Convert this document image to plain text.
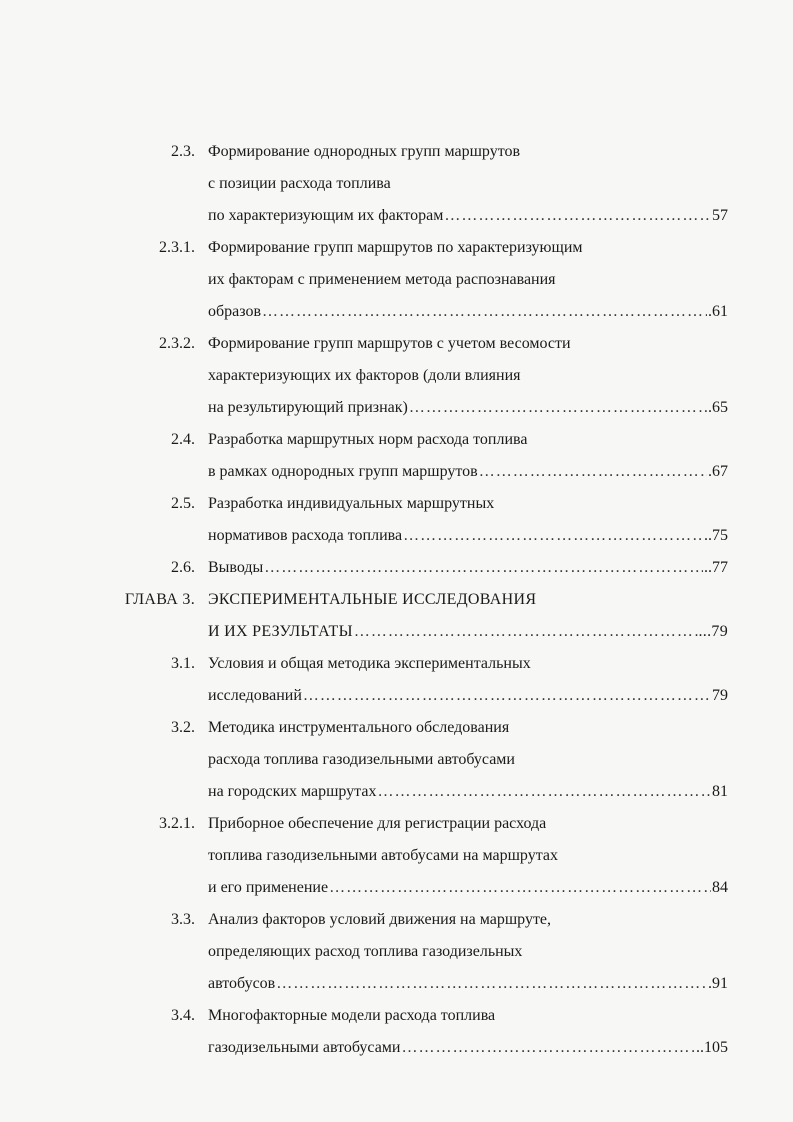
2.3. Формирование однородных групп маршрутов
с позиции расхода топлива
по характеризующим их факторам ……………………………………………………………………………………………………………………………………………………	57
2.3.1. Формирование групп маршрутов по характеризующим
их факторам с применением метода распознавания
образов ……………………………………………………………………………………………………………………………………………………	.61
2.3.2. Формирование групп маршрутов с учетом весомости
характеризующих их факторов (доли влияния
на результирующий признак) ……………………………………………………………………………………………………………………………………………………	.65
2.4. Разработка маршрутных норм расхода топлива
в рамках однородных групп маршрутов ……………………………………………………………………………………………………………………………………………………	.67
2.5. Разработка индивидуальных маршрутных
нормативов расхода топлива ……………………………………………………………………………………………………………………………………………………	..75
2.6. Выводы ……………………………………………………………………………………………………………………………………………………	..77
ГЛАВА 3. ЭКСПЕРИМЕНТАЛЬНЫЕ ИССЛЕДОВАНИЯ
И ИХ РЕЗУЛЬТАТЫ ……………………………………………………………………………………………………………………………………………………	...79
3.1. Условия и общая методика экспериментальных
исследований ……………………………………………………………………………………………………………………………………………………	79
3.2. Методика инструментального обследования
расхода топлива газодизельными автобусами
на городских маршрутах ……………………………………………………………………………………………………………………………………………………	81
3.2.1. Приборное обеспечение для регистрации расхода
топлива газодизельными автобусами на маршрутах
и его применение ……………………………………………………………………………………………………………………………………………………	84
3.3. Анализ факторов условий движения на маршруте,
определяющих расход топлива газодизельных
автобусов ……………………………………………………………………………………………………………………………………………………	.91
3.4. Многофакторные модели расхода топлива
газодизельными автобусами ……………………………………………………………………………………………………………………………………………………	..105
